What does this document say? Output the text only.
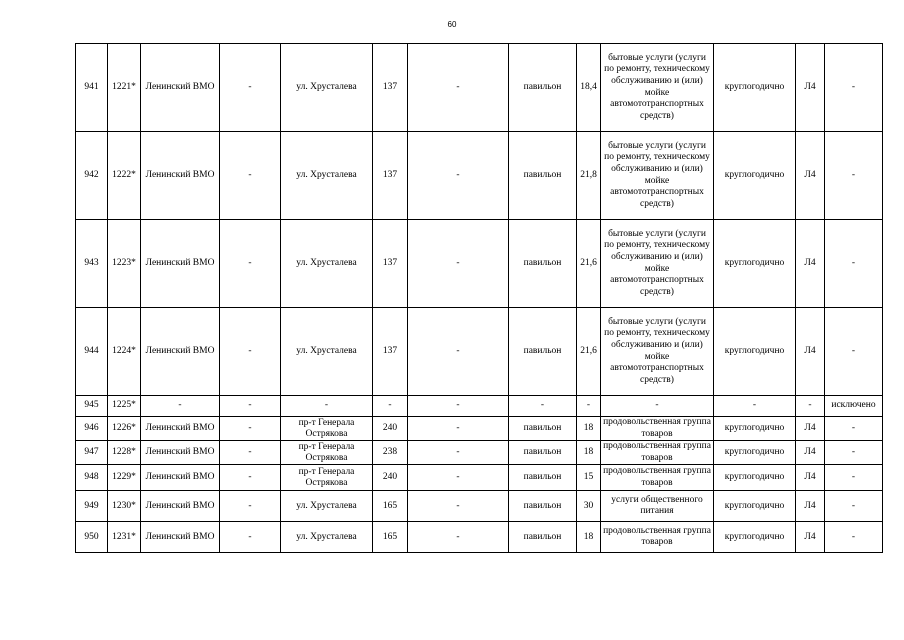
60
941	1221*	Ленинский ВМО	-	ул. Хрусталева	137	-	павильон	18,4	бытовые услуги (услуги по ремонту, техническому обслуживанию и (или) мойке автомототранспортных средств)	круглогодично	Л4	-
942	1222*	Ленинский ВМО	-	ул. Хрусталева	137	-	павильон	21,8	бытовые услуги (услуги по ремонту, техническому обслуживанию и (или) мойке автомототранспортных средств)	круглогодично	Л4	-
943	1223*	Ленинский ВМО	-	ул. Хрусталева	137	-	павильон	21,6	бытовые услуги (услуги по ремонту, техническому обслуживанию и (или) мойке автомототранспортных средств)	круглогодично	Л4	-
944	1224*	Ленинский ВМО	-	ул. Хрусталева	137	-	павильон	21,6	бытовые услуги (услуги по ремонту, техническому обслуживанию и (или) мойке автомототранспортных средств)	круглогодично	Л4	-
945	1225*	-	-	-	-	-	-	-	-	-	-	исключено
946	1226*	Ленинский ВМО	-	пр-т Генерала Острякова	240	-	павильон	18	продовольственная группа товаров	круглогодично	Л4	-
947	1228*	Ленинский ВМО	-	пр-т Генерала Острякова	238	-	павильон	18	продовольственная группа товаров	круглогодично	Л4	-
948	1229*	Ленинский ВМО	-	пр-т Генерала Острякова	240	-	павильон	15	продовольственная группа товаров	круглогодично	Л4	-
949	1230*	Ленинский ВМО	-	ул. Хрусталева	165	-	павильон	30	услуги общественного питания	круглогодично	Л4	-
950	1231*	Ленинский ВМО	-	ул. Хрусталева	165	-	павильон	18	продовольственная группа товаров	круглогодично	Л4	-
